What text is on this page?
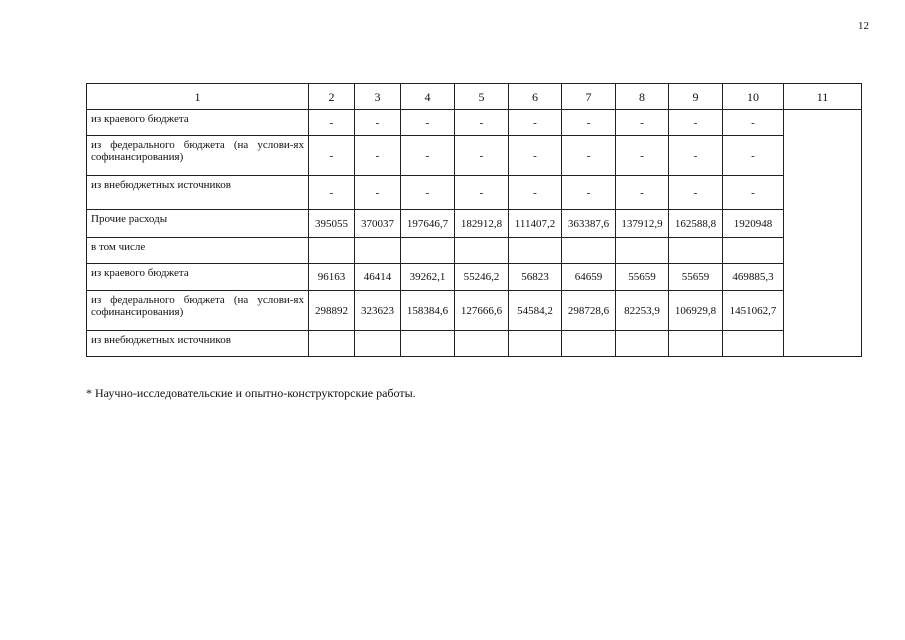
12
1	2	3	4	5	6	7	8	9	10	11
из краевого бюджета	-	-	-	-	-	-	-	-	-	
из федерального бюджета (на услови-ях софинансирования)	-	-	-	-	-	-	-	-	-	
из внебюджетных источников	-	-	-	-	-	-	-	-	-	
Прочие расходы	395055	370037	197646,7	182912,8	111407,2	363387,6	137912,9	162588,8	1920948	
в том числе										
из краевого бюджета	96163	46414	39262,1	55246,2	56823	64659	55659	55659	469885,3	
из федерального бюджета (на услови-ях софинансирования)	298892	323623	158384,6	127666,6	54584,2	298728,6	82253,9	106929,8	1451062,7	
из внебюджетных источников										
* Научно-исследовательские и опытно-конструкторские работы.
